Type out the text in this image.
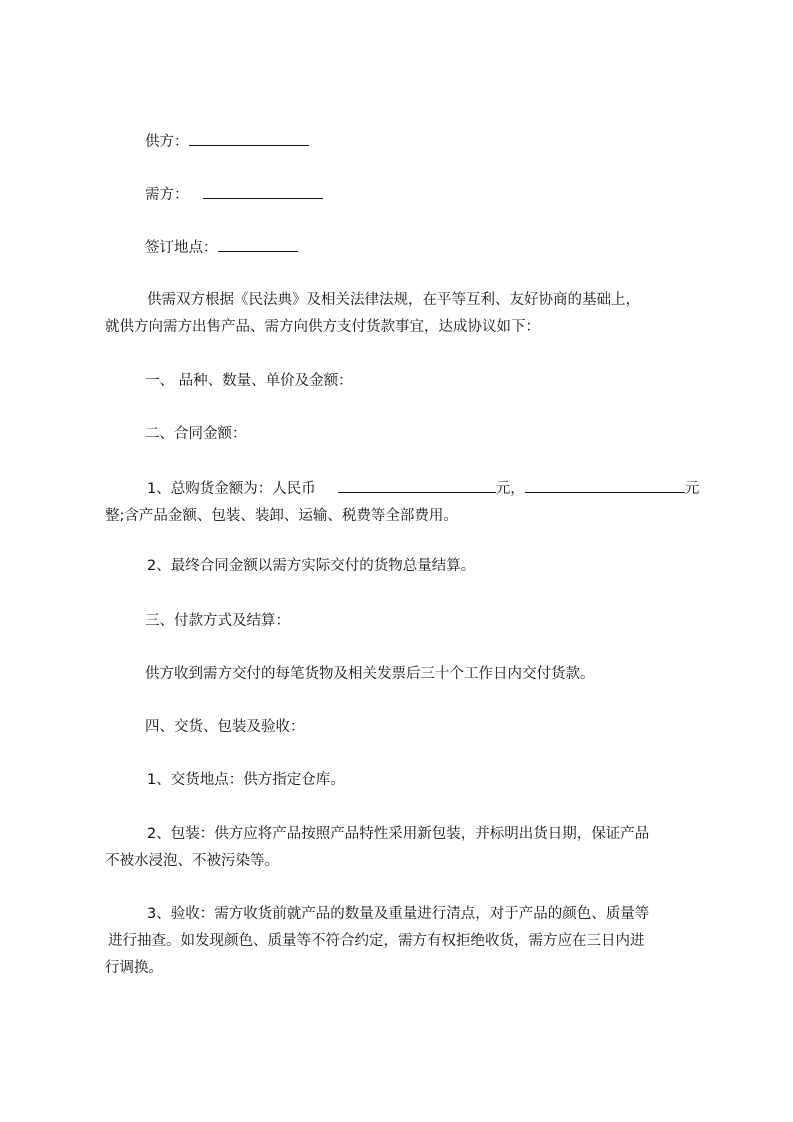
供方：
需方：
签订地点：
供需双方根据《民法典》及相关法律法规，在平等互利、友好协商的基础上，
就供方向需方出售产品、需方向供方支付货款事宜，达成协议如下：
一、 品种、数量、单价及金额：
二、合同金额：
1、总购货金额为：人民币	元，	元
整;含产品金额、包装、装卸、运输、税费等全部费用。
2、最终合同金额以需方实际交付的货物总量结算。
三、付款方式及结算：
供方收到需方交付的每笔货物及相关发票后三十个工作日内交付货款。
四、交货、包装及验收：
1、交货地点：供方指定仓库。
2、包装：供方应将产品按照产品特性采用新包装，并标明出货日期，保证产品
不被水浸泡、不被污染等。
3、验收：需方收货前就产品的数量及重量进行清点，对于产品的颜色、质量等
进行抽查。如发现颜色、质量等不符合约定，需方有权拒绝收货，需方应在三日内进
行调换。
